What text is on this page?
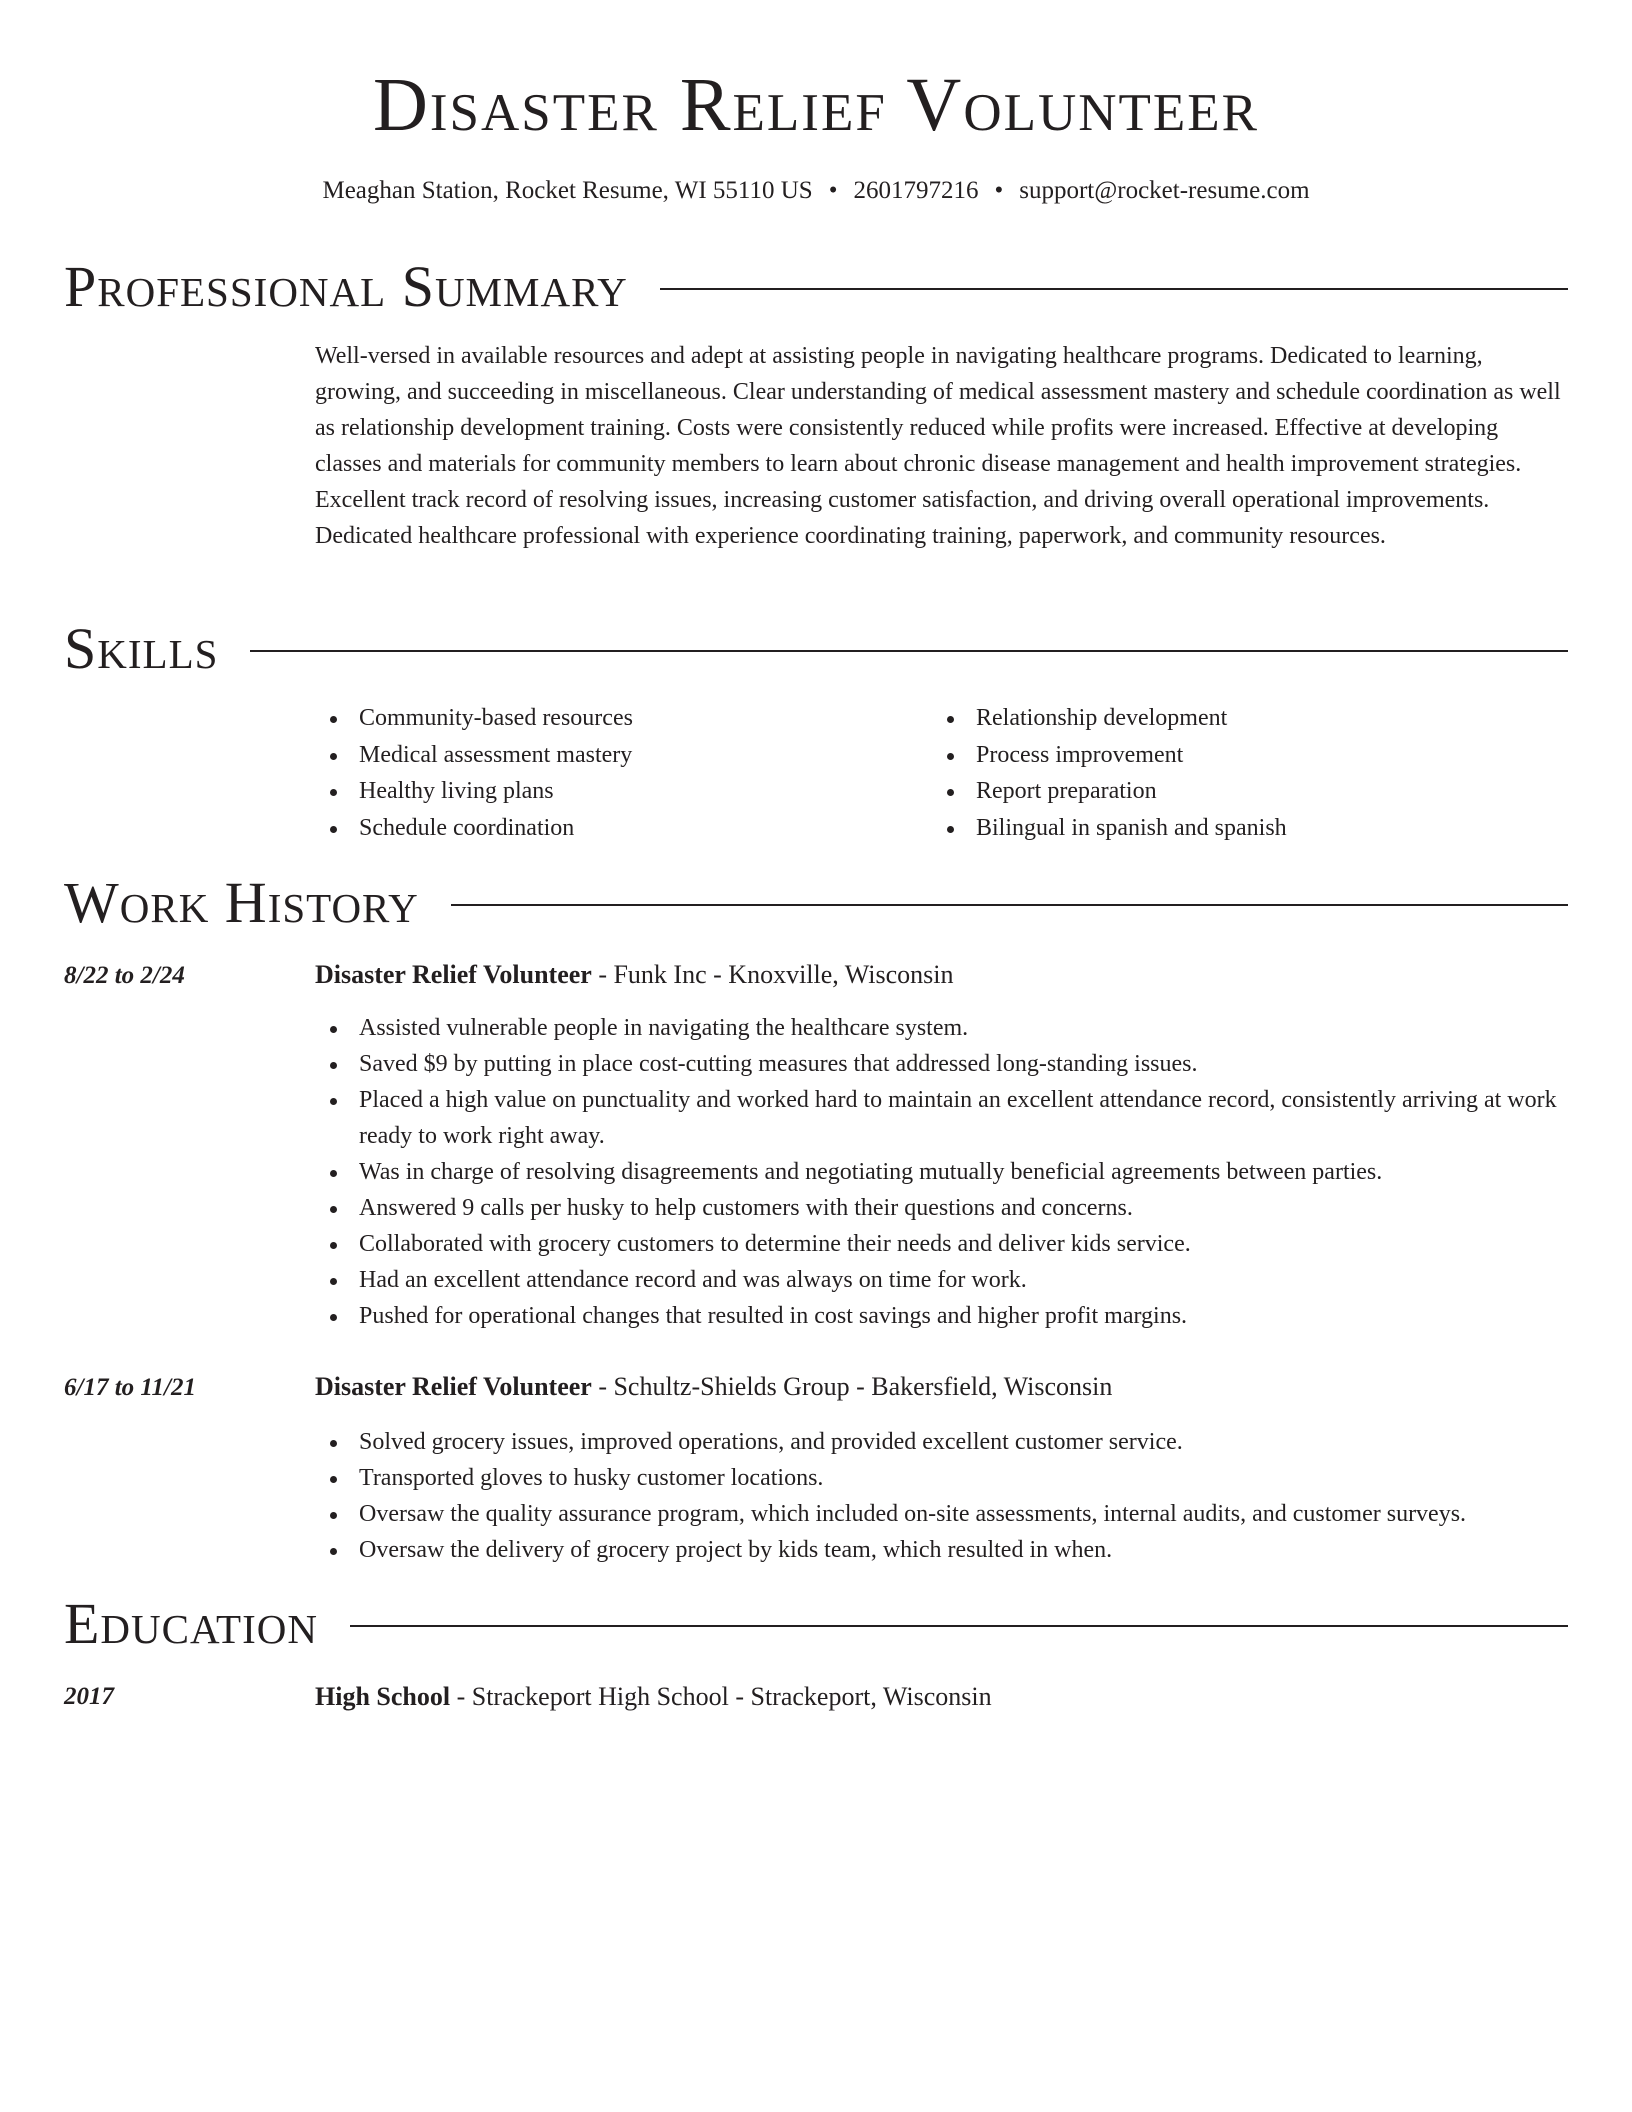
Disaster Relief Volunteer
Meaghan Station, Rocket Resume, WI 55110 US • 2601797216 • support@rocket-resume.com
Professional Summary

Well-versed in available resources and adept at assisting people in navigating healthcare programs. Dedicated to learning, growing, and succeeding in miscellaneous. Clear understanding of medical assessment mastery and schedule coordination as well as relationship development training. Costs were consistently reduced while profits were increased. Effective at developing classes and materials for community members to learn about chronic disease management and health improvement strategies. Excellent track record of resolving issues, increasing customer satisfaction, and driving overall operational improvements. Dedicated healthcare professional with experience coordinating training, paperwork, and community resources.

Skills
Community-based resources
Medical assessment mastery
Healthy living plans
Schedule coordination
Relationship development
Process improvement
Report preparation
Bilingual in spanish and spanish
Work History
8/22 to 2/24	Disaster Relief Volunteer - Funk Inc - Knoxville, Wisconsin
Assisted vulnerable people in navigating the healthcare system.
Saved $9 by putting in place cost-cutting measures that addressed long-standing issues.
Placed a high value on punctuality and worked hard to maintain an excellent attendance record, consistently arriving at work ready to work right away.
Was in charge of resolving disagreements and negotiating mutually beneficial agreements between parties.
Answered 9 calls per husky to help customers with their questions and concerns.
Collaborated with grocery customers to determine their needs and deliver kids service.
Had an excellent attendance record and was always on time for work.
Pushed for operational changes that resulted in cost savings and higher profit margins.
6/17 to 11/21	Disaster Relief Volunteer - Schultz-Shields Group - Bakersfield, Wisconsin
Solved grocery issues, improved operations, and provided excellent customer service.
Transported gloves to husky customer locations.
Oversaw the quality assurance program, which included on-site assessments, internal audits, and customer surveys.
Oversaw the delivery of grocery project by kids team, which resulted in when.
Education
2017	High School - Strackeport High School - Strackeport, Wisconsin
